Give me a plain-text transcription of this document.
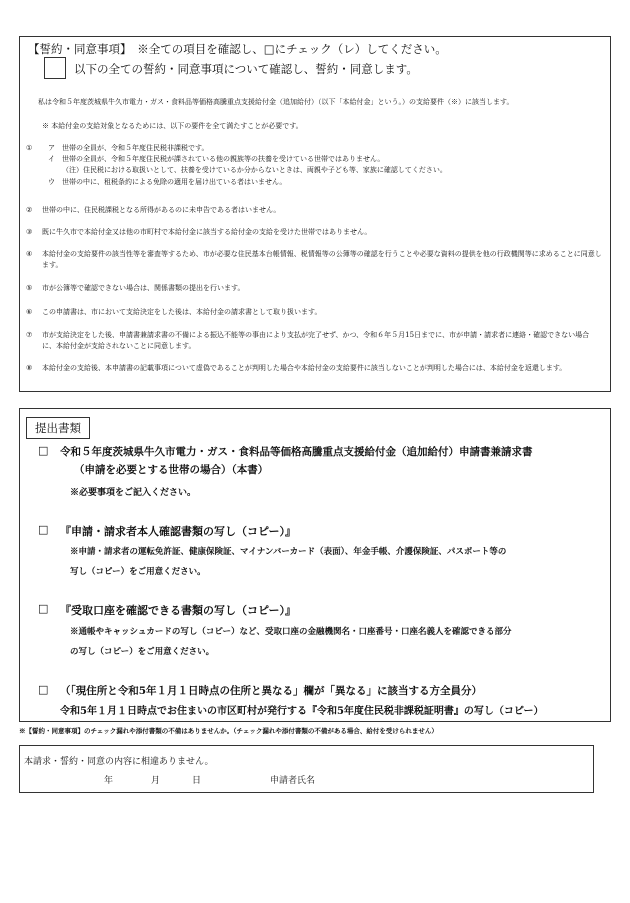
【誓約・同意事項】　※全ての項目を確認し、□にチェック（レ）してください。
以下の全ての誓約・同意事項について確認し、誓約・同意します。
私は令和５年度茨城県牛久市電力・ガス・食料品等価格高騰重点支援給付金（追加給付）（以下「本給付金」という。）の支給要件（※）に該当します。
※ 本給付金の支給対象となるためには、以下の要件を全て満たすことが必要です。
① ア　世帯の全員が、令和５年度住民税非課税です。
イ　世帯の全員が、令和５年度住民税が課されている他の親族等の扶養を受けている世帯ではありません。
（注）住民税における取扱いとして、扶養を受けているか分からないときは、両親や子ども等、家族に確認してください。
ウ　世帯の中に、租税条約による免除の適用を届け出ている者はいません。
② 世帯の中に、住民税課税となる所得があるのに未申告である者はいません。
③ 既に牛久市で本給付金又は他の市町村で本給付金に該当する給付金の支給を受けた世帯ではありません。
④ 本給付金の支給要件の該当性等を審査等するため、市が必要な住民基本台帳情報、税情報等の公簿等の確認を行うことや必要な資料の提供を他の行政機関等に求めることに同意します。
⑤ 市が公簿等で確認できない場合は、関係書類の提出を行います。
⑥ この申請書は、市において支給決定をした後は、本給付金の請求書として取り扱います。
⑦ 市が支給決定をした後、申請書兼請求書の不備による振込不能等の事由により支払が完了せず、かつ、令和６年５月15日までに、市が申請・請求者に連絡・確認できない場合に、本給付金が支給されないことに同意します。
⑧ 本給付金の支給後、本申請書の記載事項について虚偽であることが判明した場合や本給付金の支給要件に該当しないことが判明した場合には、本給付金を返還します。
提出書類
□ 令和５年度茨城県牛久市電力・ガス・食料品等価格高騰重点支援給付金（追加給付）申請書兼請求書
（申請を必要とする世帯の場合）（本書）
※必要事項をご記入ください。
□ 『申請・請求者本人確認書類の写し（コピー）』
※申請・請求者の運転免許証、健康保険証、マイナンバーカード（表面）、年金手帳、介護保険証、パスポート等の
写し（コピー）をご用意ください。
□ 『受取口座を確認できる書類の写し（コピー）』
※通帳やキャッシュカードの写し（コピー）など、受取口座の金融機関名・口座番号・口座名義人を確認できる部分
の写し（コピー）をご用意ください。
□ （「現住所と令和5年１月１日時点の住所と異なる」欄が「異なる」に該当する方全員分）
令和5年１月１日時点でお住まいの市区町村が発行する『令和5年度住民税非課税証明書』の写し（コピー）
※【誓約・同意事項】のチェック漏れや添付書類の不備はありませんか。（チェック漏れや添付書類の不備がある場合、給付を受けられません）
本請求・誓約・同意の内容に相違ありません。
年	月	日	申請者氏名
